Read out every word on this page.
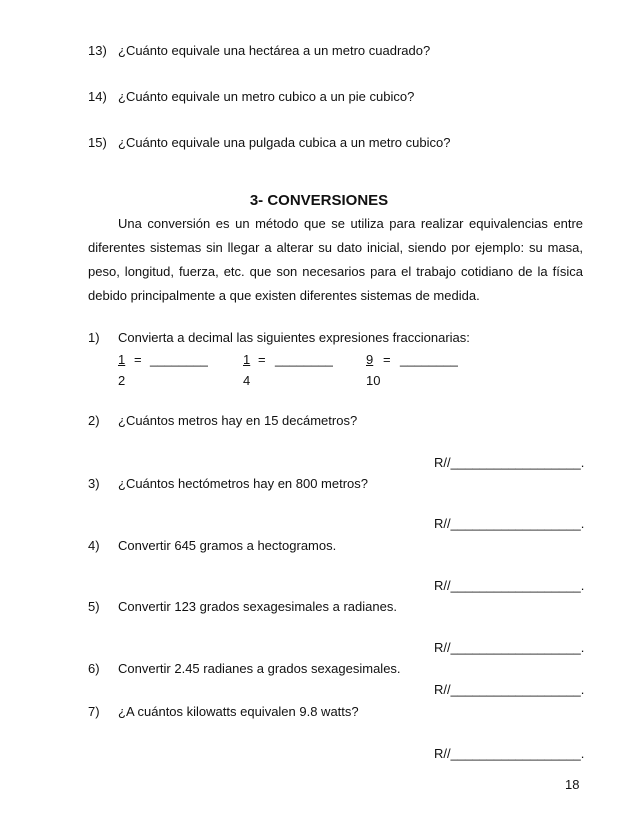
13) ¿Cuánto equivale una hectárea a un metro cuadrado?
14) ¿Cuánto equivale un metro cubico a un pie cubico?
15) ¿Cuánto equivale una pulgada cubica a un metro cubico?
3- CONVERSIONES
Una conversión es un método que se utiliza para realizar equivalencias entre diferentes sistemas sin llegar a alterar su dato inicial, siendo por ejemplo: su masa, peso, longitud, fuerza, etc. que son necesarios para el trabajo cotidiano de la física debido principalmente a que existen diferentes sistemas de medida.
1) Convierta a decimal las siguientes expresiones fraccionarias:
1 = ________
2
1 = ________
4
9 = ________
10
2) ¿Cuántos metros hay en 15 decámetros?
R//__________________.
3) ¿Cuántos hectómetros hay en 800 metros?
R//__________________.
4) Convertir 645 gramos a hectogramos.
R//__________________.
5) Convertir 123 grados sexagesimales a radianes.
R//__________________.
6) Convertir 2.45 radianes a grados sexagesimales.
R//__________________.
7) ¿A cuántos kilowatts equivalen 9.8 watts?
R//__________________.
18
